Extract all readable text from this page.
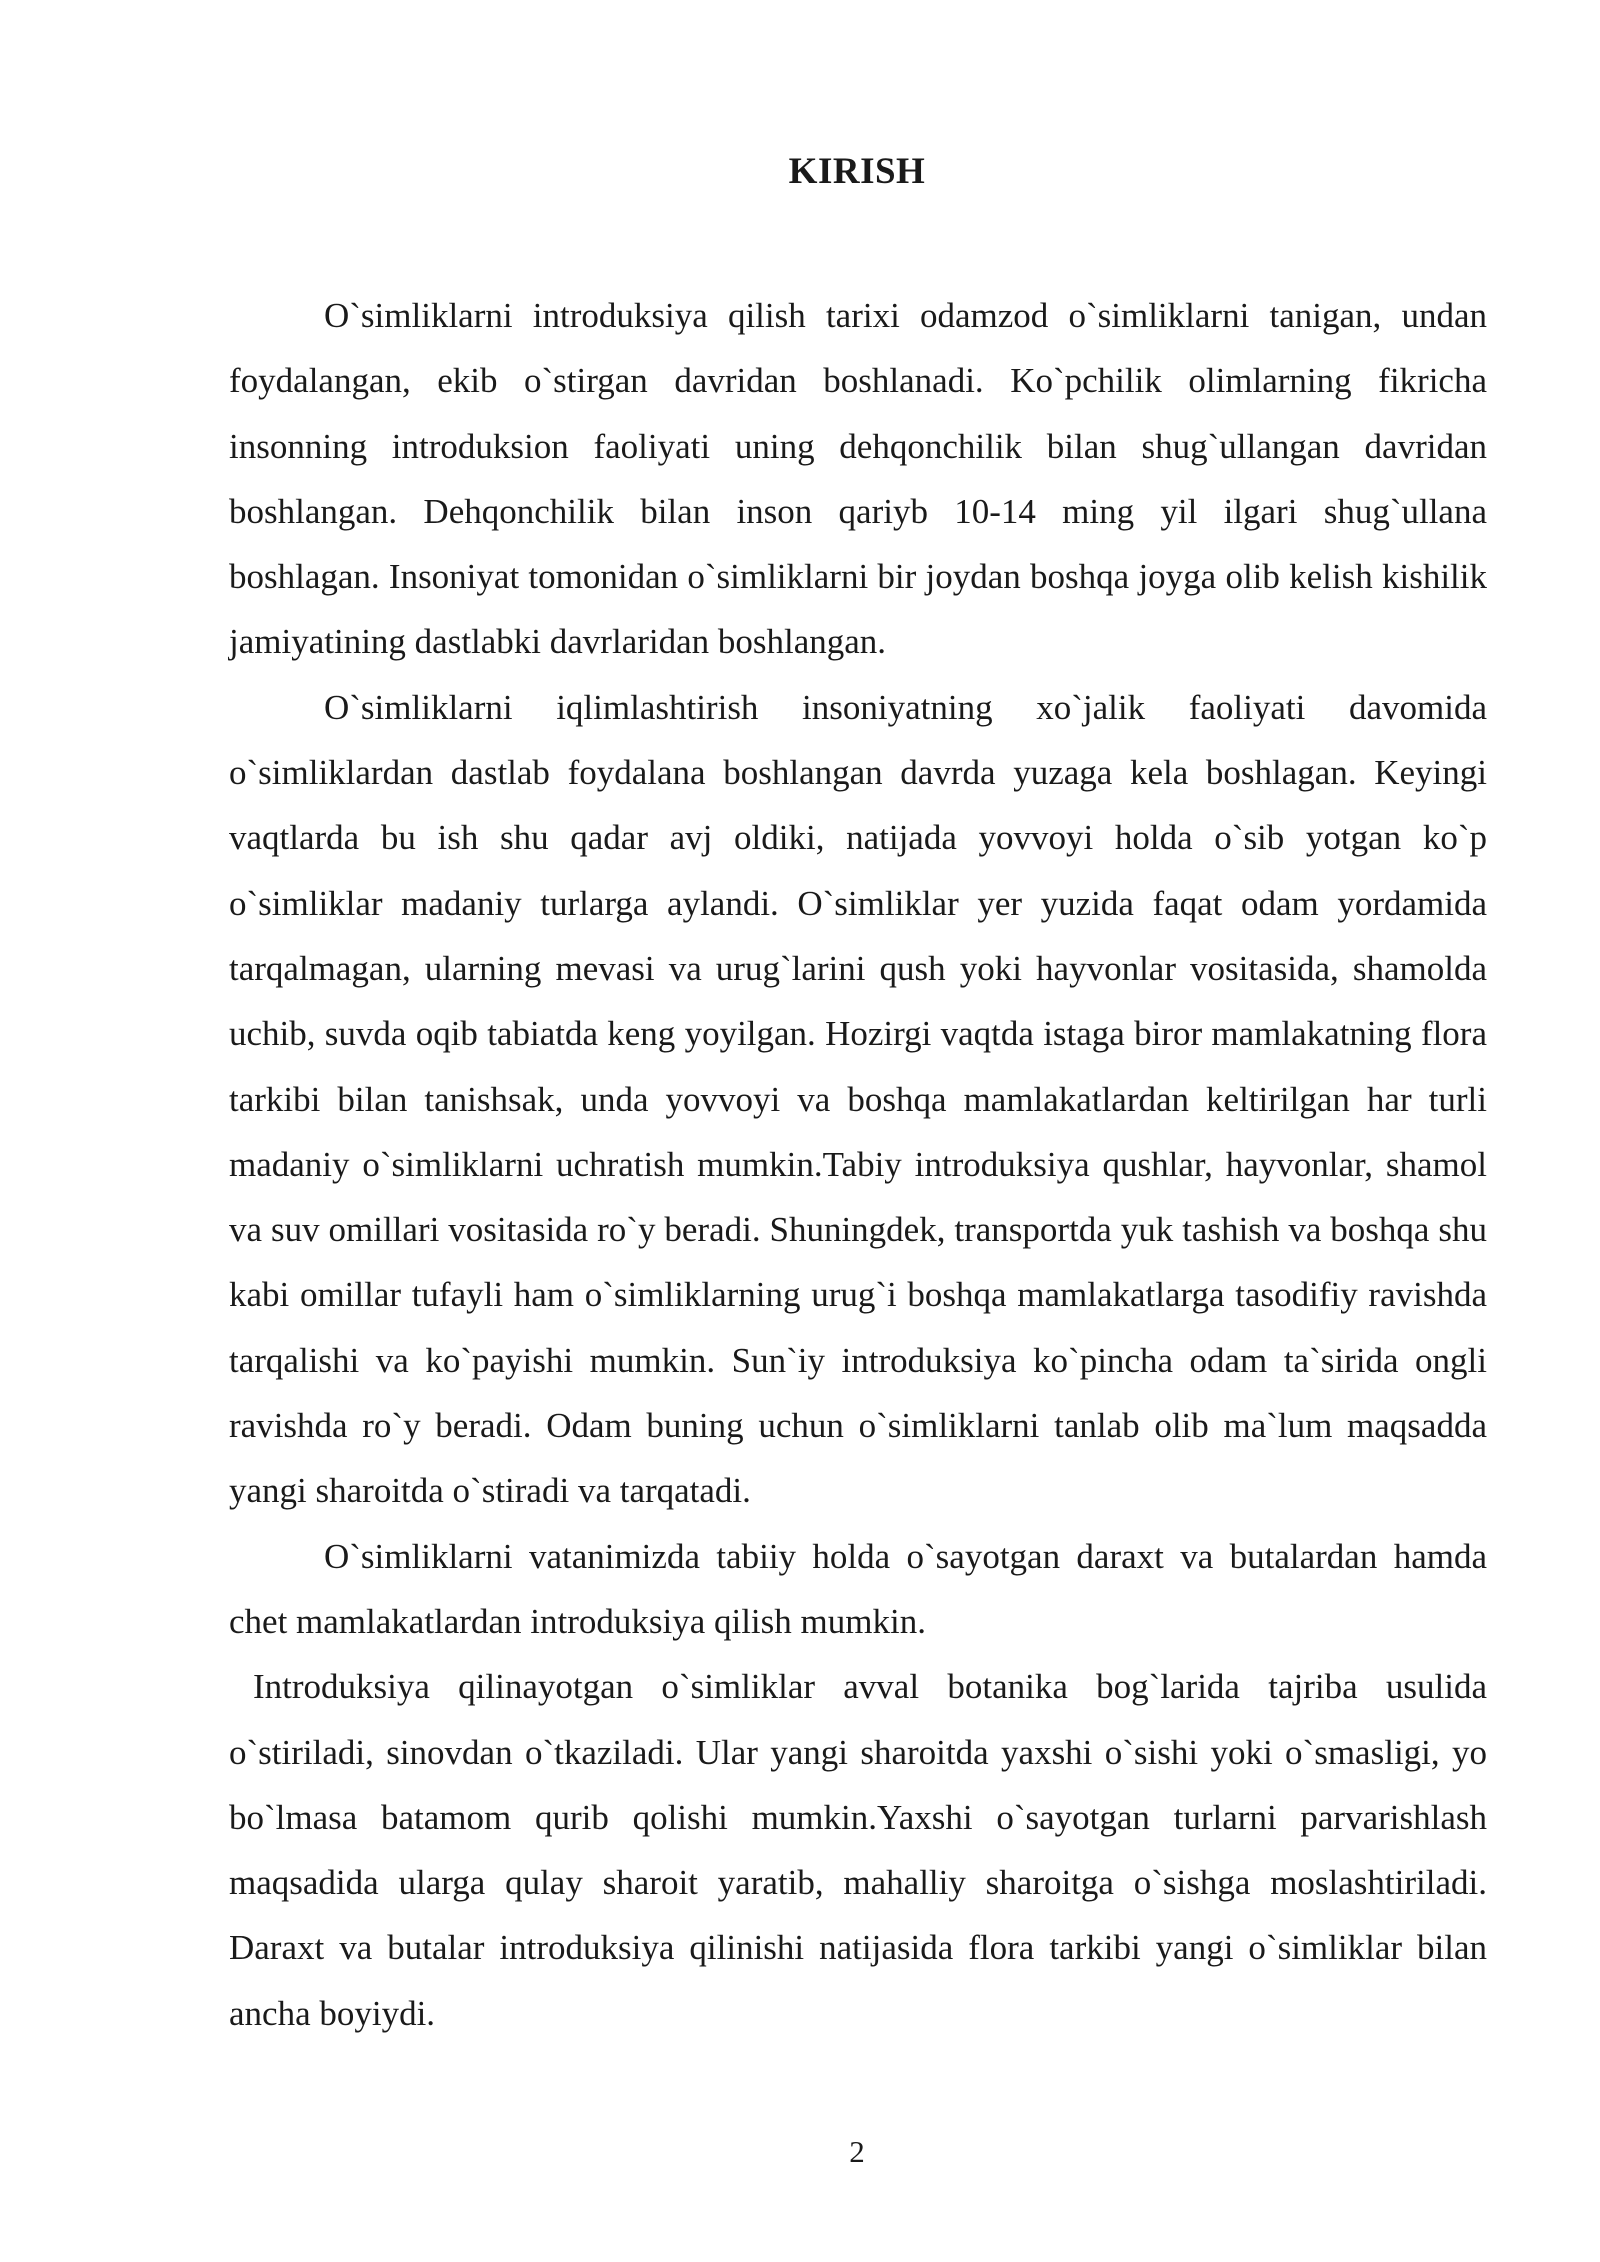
KIRISH

O`simliklarni introduksiya qilish tarixi odamzod o`simliklarni tanigan, undan foydalangan, ekib o`stirgan davridan boshlanadi. Ko`pchilik olimlarning fikricha insonning introduksion faoliyati uning dehqonchilik bilan shug`ullangan davridan boshlangan. Dehqonchilik bilan inson qariyb 10-14 ming yil ilgari shug`ullana boshlagan. Insoniyat tomonidan o`simliklarni bir joydan boshqa joyga olib kelish kishilik jamiyatining dastlabki davrlaridan boshlangan.

O`simliklarni iqlimlashtirish insoniyatning xo`jalik faoliyati davomida o`simliklardan dastlab foydalana boshlangan davrda yuzaga kela boshlagan. Keyingi vaqtlarda bu ish shu qadar avj oldiki, natijada yovvoyi holda o`sib yotgan ko`p o`simliklar madaniy turlarga aylandi. O`simliklar yer yuzida faqat odam yordamida tarqalmagan, ularning mevasi va urug`larini qush yoki hayvonlar vositasida, shamolda uchib, suvda oqib tabiatda keng yoyilgan. Hozirgi vaqtda istaga biror mamlakatning flora tarkibi bilan tanishsak, unda yovvoyi va boshqa mamlakatlardan keltirilgan har turli madaniy o`simliklarni uchratish mumkin.Tabiy introduksiya qushlar, hayvonlar, shamol va suv omillari vositasida ro`y beradi. Shuningdek, transportda yuk tashish va boshqa shu kabi omillar tufayli ham o`simliklarning urug`i boshqa mamlakatlarga tasodifiy ravishda tarqalishi va ko`payishi mumkin. Sun`iy introduksiya ko`pincha odam ta`sirida ongli ravishda ro`y beradi. Odam buning uchun o`simliklarni tanlab olib ma`lum maqsadda yangi sharoitda o`stiradi va tarqatadi.

O`simliklarni vatanimizda tabiiy holda o`sayotgan daraxt va butalardan hamda chet mamlakatlardan introduksiya qilish mumkin.

Introduksiya qilinayotgan o`simliklar avval botanika bog`larida tajriba usulida o`stiriladi, sinovdan o`tkaziladi. Ular yangi sharoitda yaxshi o`sishi yoki o`smasligi, yo bo`lmasa batamom qurib qolishi mumkin.Yaxshi o`sayotgan turlarni parvarishlash maqsadida ularga qulay sharoit yaratib, mahalliy sharoitga o`sishga moslashtiriladi. Daraxt va butalar introduksiya qilinishi natijasida flora tarkibi yangi o`simliklar bilan ancha boyiydi.

2
